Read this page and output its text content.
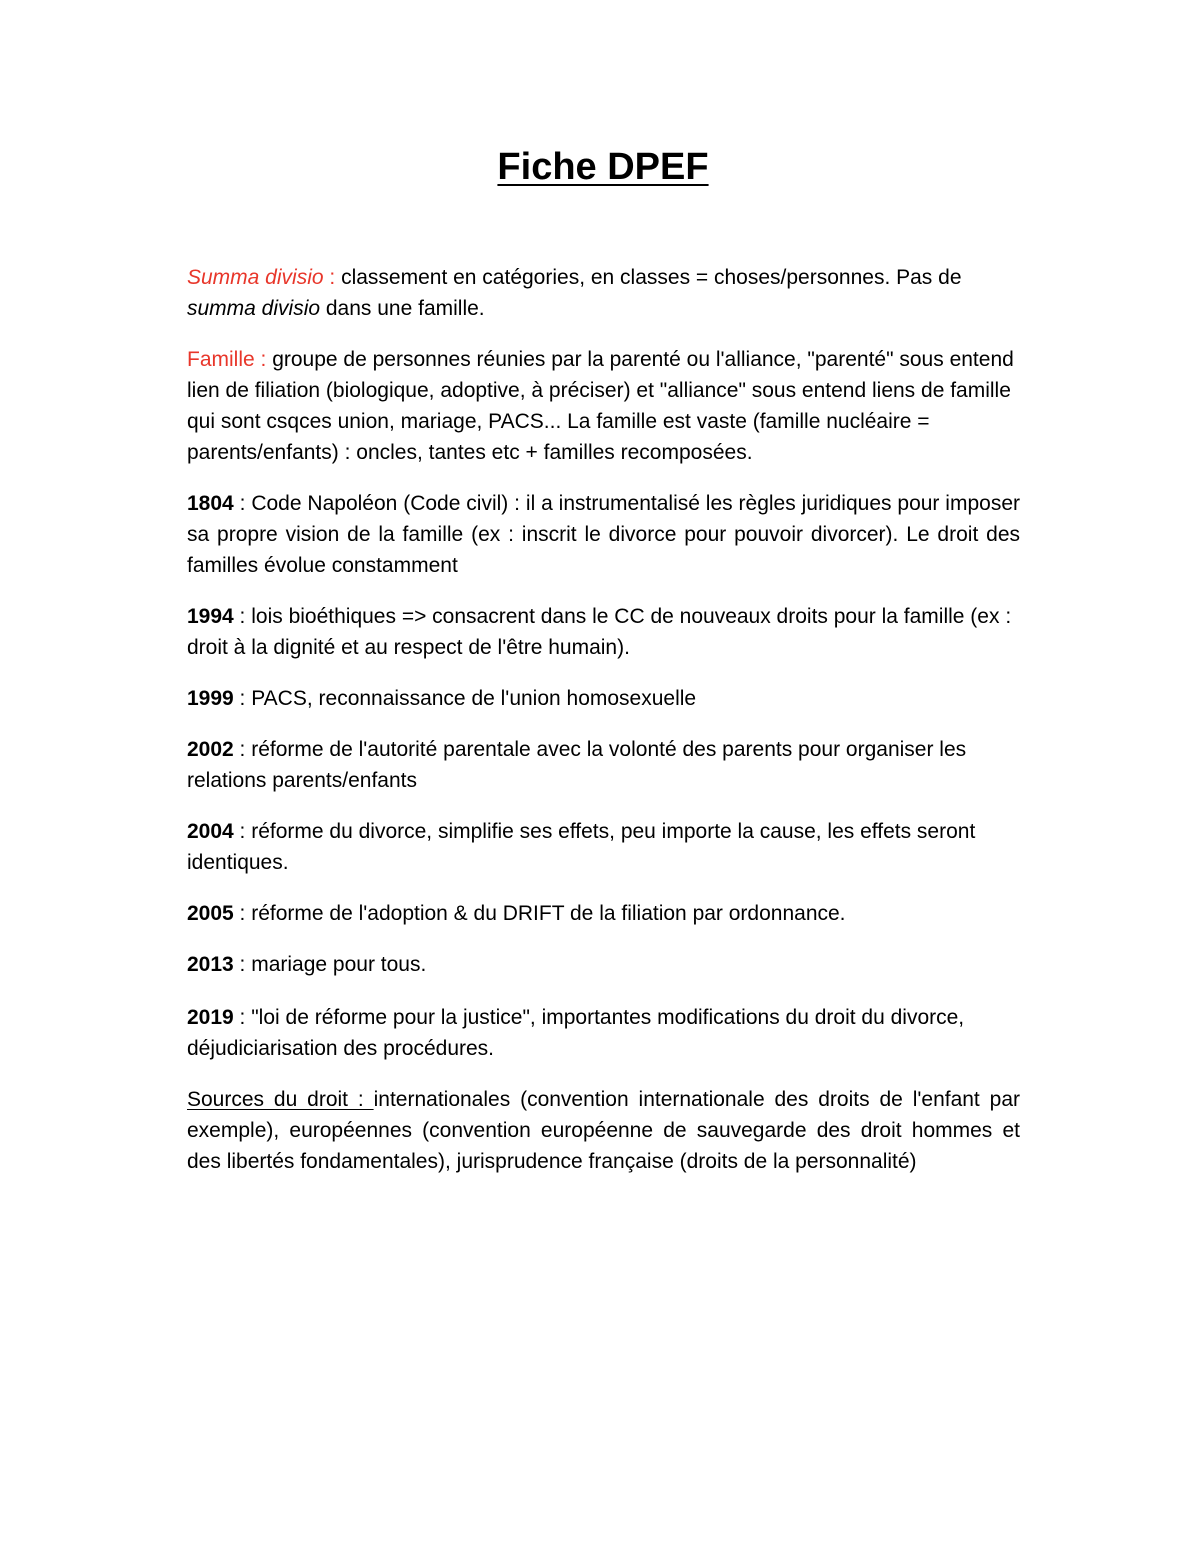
Fiche DPEF

Summa divisio : classement en catégories, en classes = choses/personnes. Pas de summa divisio dans une famille.

Famille : groupe de personnes réunies par la parenté ou l'alliance, "parenté" sous entend lien de filiation (biologique, adoptive, à préciser) et "alliance" sous entend liens de famille qui sont csqces union, mariage, PACS... La famille est vaste (famille nucléaire = parents/enfants) : oncles, tantes etc + familles recomposées.

1804 : Code Napoléon (Code civil) : il a instrumentalisé les règles juridiques pour imposer sa propre vision de la famille (ex : inscrit le divorce pour pouvoir divorcer). Le droit des familles évolue constamment

1994 : lois bioéthiques => consacrent dans le CC de nouveaux droits pour la famille (ex : droit à la dignité et au respect de l'être humain).

1999 : PACS, reconnaissance de l'union homosexuelle

2002 : réforme de l'autorité parentale avec la volonté des parents pour organiser les relations parents/enfants

2004 : réforme du divorce, simplifie ses effets, peu importe la cause, les effets seront identiques.

2005 : réforme de l'adoption & du DRIFT de la filiation par ordonnance.

2013 : mariage pour tous.

2019 : "loi de réforme pour la justice", importantes modifications du droit du divorce, déjudiciarisation des procédures.

Sources du droit : internationales (convention internationale des droits de l'enfant par exemple), européennes (convention européenne de sauvegarde des droit hommes et des libertés fondamentales), jurisprudence française (droits de la personnalité)
